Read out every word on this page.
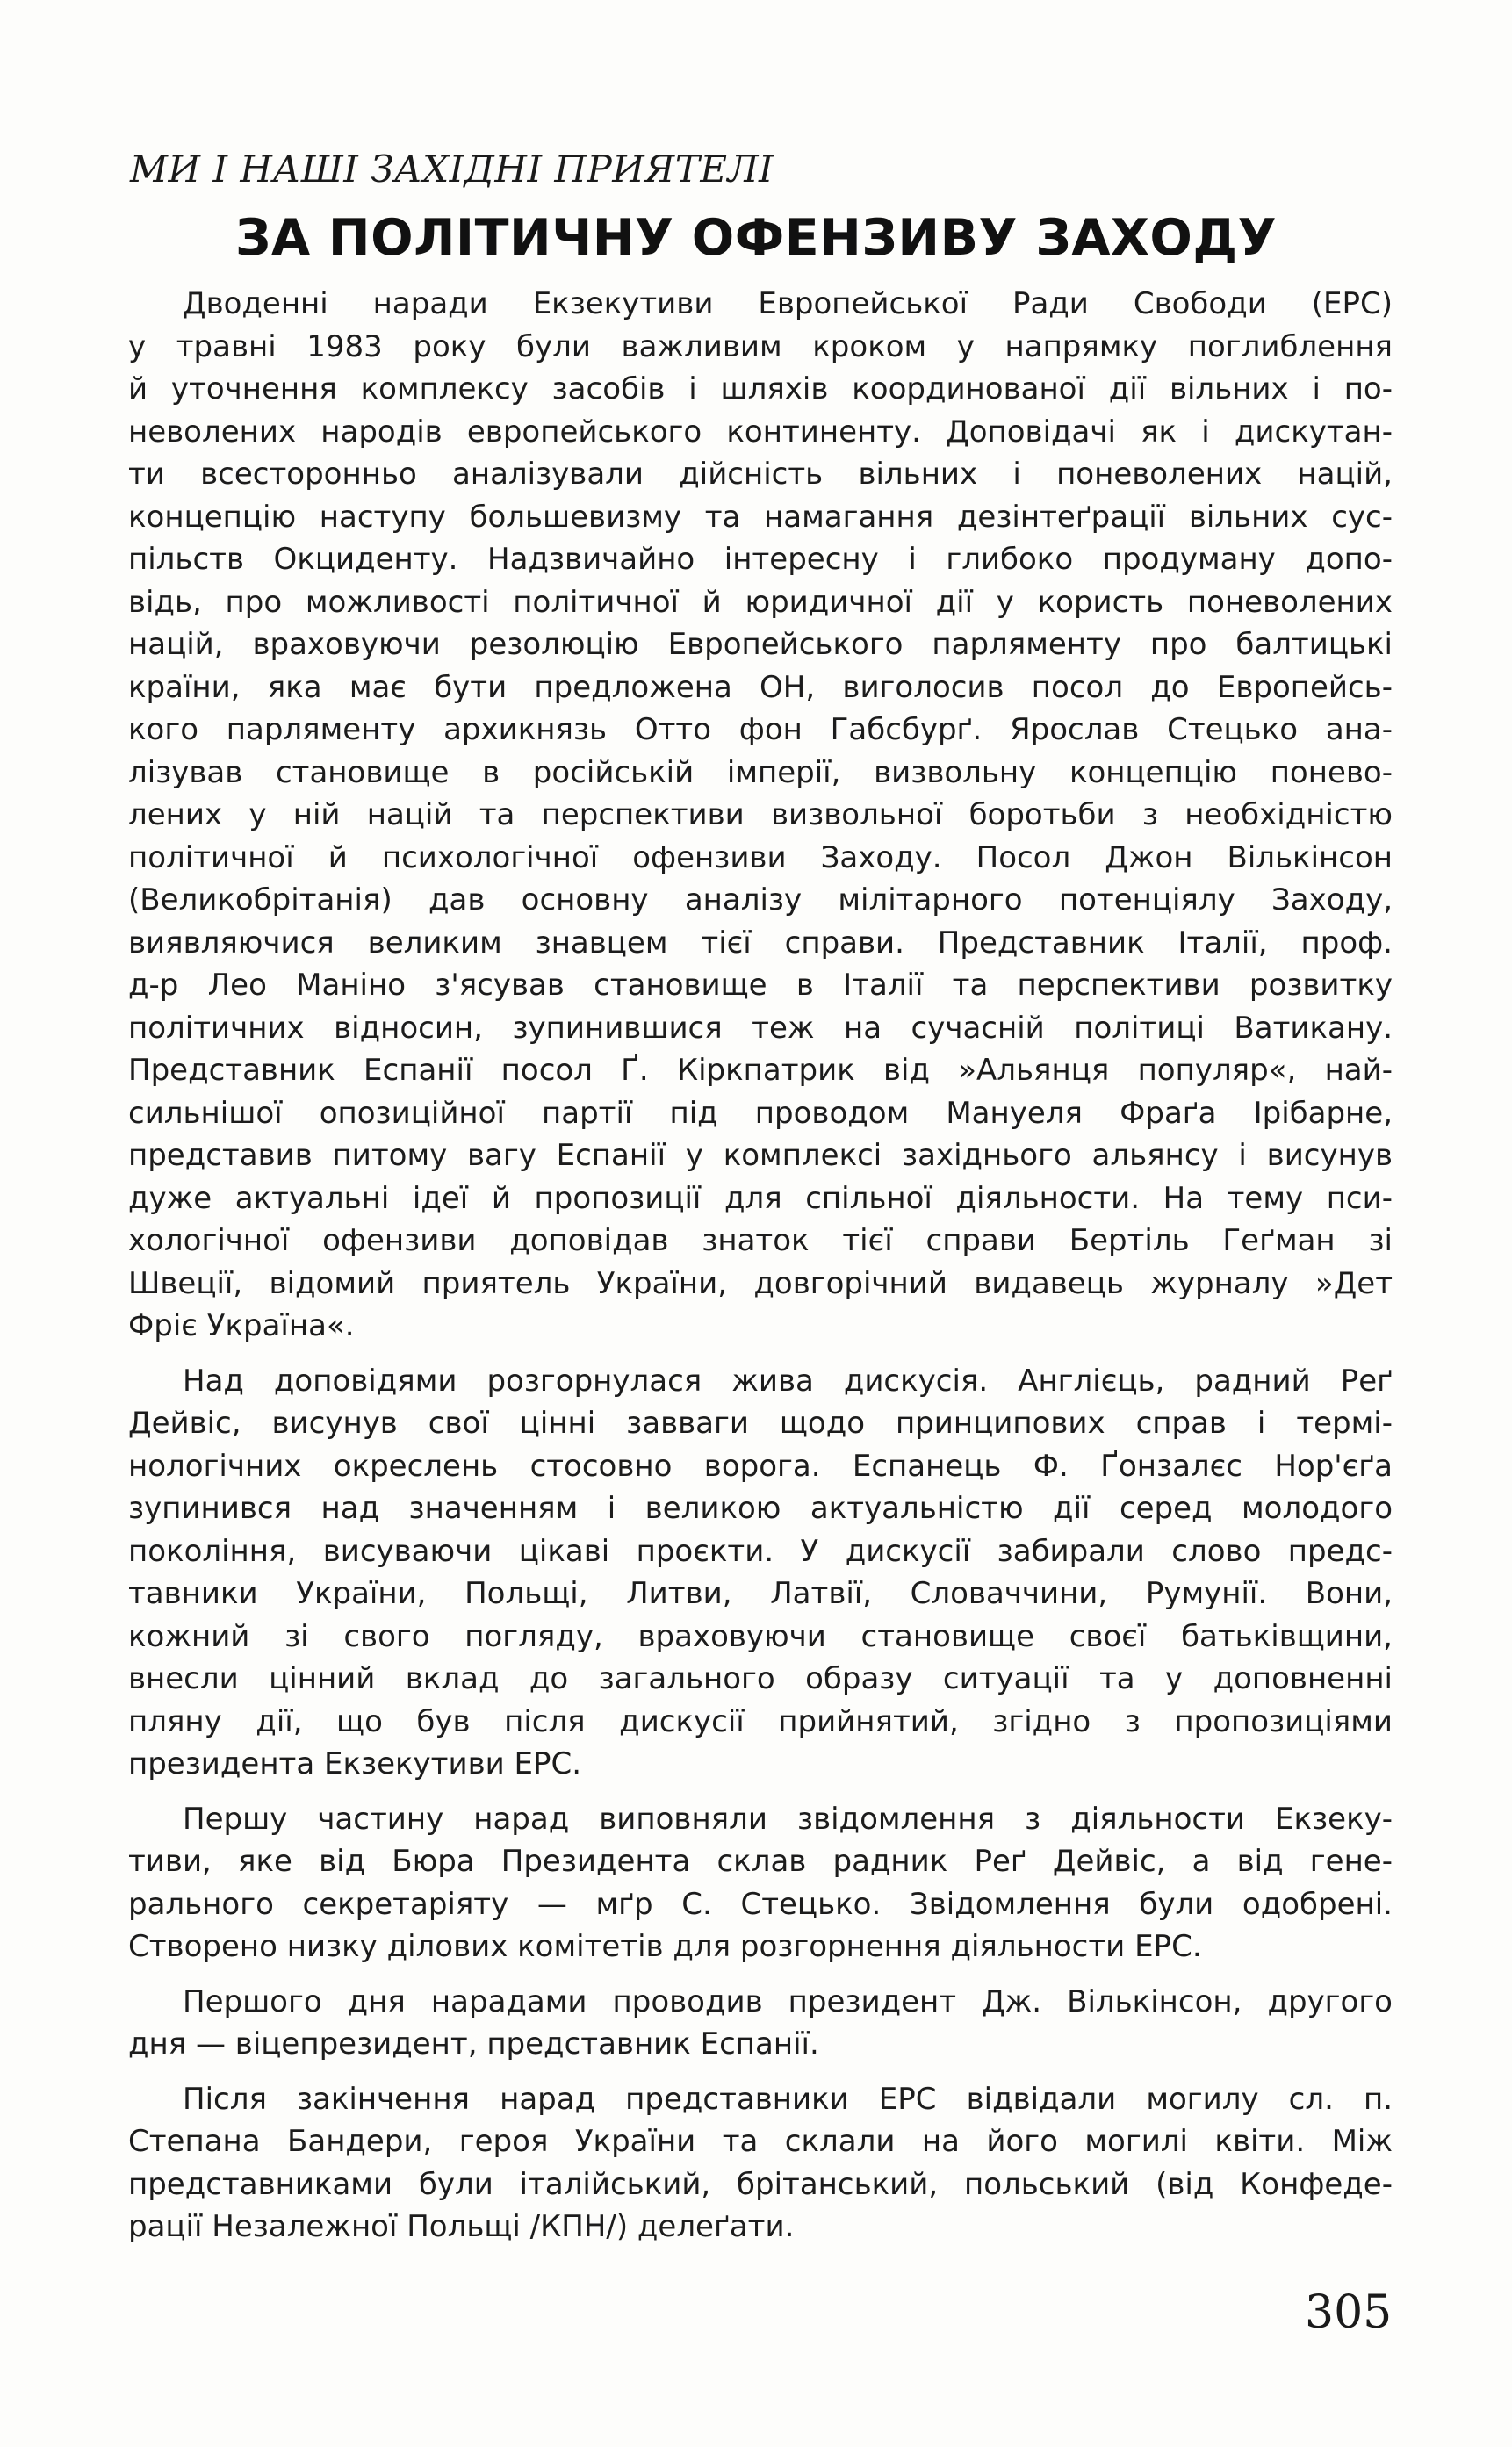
МИ І НАШІ ЗАХІДНІ ПРИЯТЕЛІ
ЗА ПОЛІТИЧНУ ОФЕНЗИВУ ЗАХОДУ
Дводенні наради Екзекутиви Европейської Ради Свободи (ЕРС)
у травні 1983 року були важливим кроком у напрямку поглиблення
й уточнення комплексу засобів і шляхів координованої дії вільних і по-
неволених народів европейського континенту. Доповідачі як і дискутан-
ти всесторонньо аналізували дійсність вільних і поневолених націй,
концепцію наступу большевизму та намагання дезінтеґрації вільних сус-
пільств Окциденту. Надзвичайно інтересну і глибоко продуману допо-
відь, про можливості політичної й юридичної дії у користь поневолених
націй, враховуючи резолюцію Европейського парляменту про балтицькі
країни, яка має бути предложена ОН, виголосив посол до Европейсь-
кого парляменту архикнязь Отто фон Габсбурґ. Ярослав Стецько ана-
лізував становище в російській імперії, визвольну концепцію понево-
лених у ній націй та перспективи визвольної боротьби з необхідністю
політичної й психологічної офензиви Заходу. Посол Джон Вількінсон
(Великобрітанія) дав основну аналізу мілітарного потенціялу Заходу,
виявляючися великим знавцем тієї справи. Представник Італії, проф.
д-р Лео Маніно з'ясував становище в Італії та перспективи розвитку
політичних відносин, зупинившися теж на сучасній політиці Ватикану.
Представник Еспанії посол Ґ. Кіркпатрик від »Альянця популяр«, най-
сильнішої опозиційної партії під проводом Мануеля Фраґа Ірібарне,
представив питому вагу Еспанії у комплексі західнього альянсу і висунув
дуже актуальні ідеї й пропозиції для спільної діяльности. На тему пси-
хологічної офензиви доповідав знаток тієї справи Бертіль Геґман зі
Швеції, відомий приятель України, довгорічний видавець журналу »Дет
Фріє Україна«.
Над доповідями розгорнулася жива дискусія. Англієць, радний Реґ
Дейвіс, висунув свої цінні завваги щодо принципових справ і термі-
нологічних окреслень стосовно ворога. Еспанець Ф. Ґонзалєс Нор'єґа
зупинився над значенням і великою актуальністю дії серед молодого
покоління, висуваючи цікаві проєкти. У дискусії забирали слово предс-
тавники України, Польщі, Литви, Латвії, Словаччини, Румунії. Вони,
кожний зі свого погляду, враховуючи становище своєї батьківщини,
внесли цінний вклад до загального образу ситуації та у доповненні
пляну дії, що був після дискусії прийнятий, згідно з пропозиціями
президента Екзекутиви ЕРС.
Першу частину нарад виповняли звідомлення з діяльности Екзеку-
тиви, яке від Бюра Президента склав радник Реґ Дейвіс, а від гене-
рального секретаріяту — мґр С. Стецько. Звідомлення були одобрені.
Створено низку ділових комітетів для розгорнення діяльности ЕРС.
Першого дня нарадами проводив президент Дж. Вількінсон, другого
дня — віцепрезидент, представник Еспанії.
Після закінчення нарад представники ЕРС відвідали могилу сл. п.
Степана Бандери, героя України та склали на його могилі квіти. Між
представниками були італійський, брітанський, польський (від Конфеде-
рації Незалежної Польщі /КПН/) делеґати.
305
